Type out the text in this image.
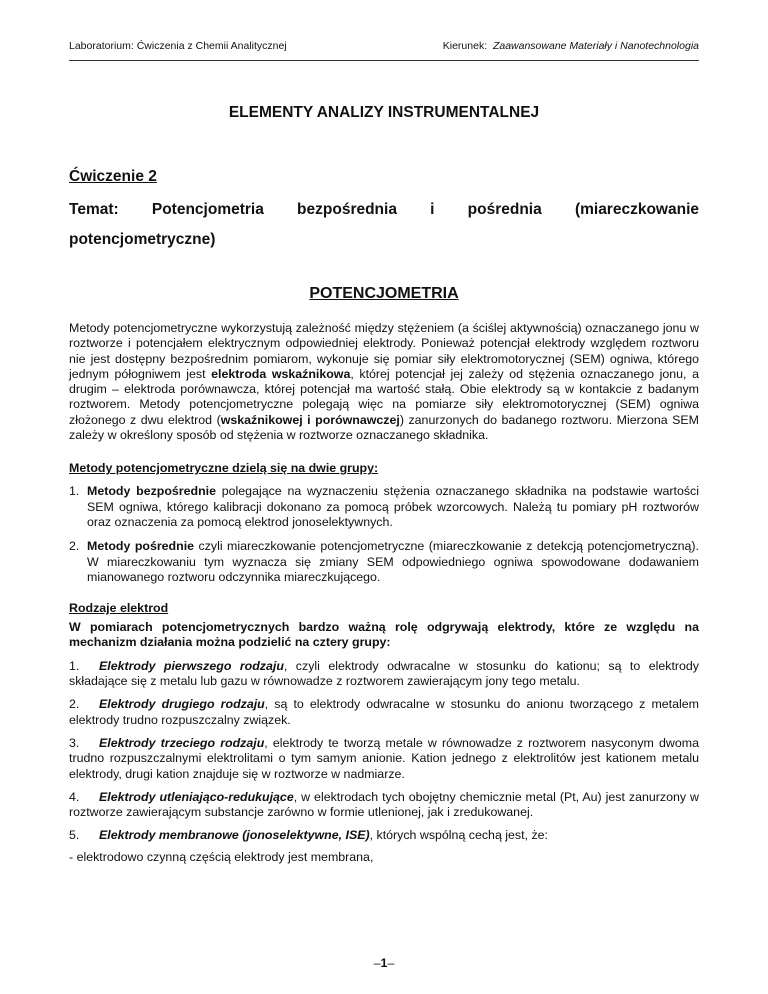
Laboratorium: Ćwiczenia z Chemii Analitycznej	Kierunek: Zaawansowane Materiały i Nanotechnologia
ELEMENTY ANALIZY INSTRUMENTALNEJ
Ćwiczenie 2
Temat: Potencjometria bezpośrednia i pośrednia (miareczkowanie potencjometryczne)
POTENCJOMETRIA

Metody potencjometryczne wykorzystują zależność między stężeniem (a ściślej aktywnością) oznaczanego jonu w roztworze i potencjałem elektrycznym odpowiedniej elektrody. Ponieważ potencjał elektrody względem roztworu nie jest dostępny bezpośrednim pomiarom, wykonuje się pomiar siły elektromotorycznej (SEM) ogniwa, którego jednym półogniwem jest elektroda wskaźnikowa, której potencjał jej zależy od stężenia oznaczanego jonu, a drugim – elektroda porównawcza, której potencjał ma wartość stałą. Obie elektrody są w kontakcie z badanym roztworem. Metody potencjometryczne polegają więc na pomiarze siły elektromotorycznej (SEM) ogniwa złożonego z dwu elektrod (wskaźnikowej i porównawczej) zanurzonych do badanego roztworu. Mierzona SEM zależy w określony sposób od stężenia w roztworze oznaczanego składnika.

Metody potencjometryczne dzielą się na dwie grupy:
1. Metody bezpośrednie polegające na wyznaczeniu stężenia oznaczanego składnika na podstawie wartości SEM ogniwa, którego kalibracji dokonano za pomocą próbek wzorcowych. Należą tu pomiary pH roztworów oraz oznaczenia za pomocą elektrod jonoselektywnych.
2. Metody pośrednie czyli miareczkowanie potencjometryczne (miareczkowanie z detekcją potencjometryczną). W miareczkowaniu tym wyznacza się zmiany SEM odpowiedniego ogniwa spowodowane dodawaniem mianowanego roztworu odczynnika miareczkującego.
Rodzaje elektrod

W pomiarach potencjometrycznych bardzo ważną rolę odgrywają elektrody, które ze względu na mechanizm działania można podzielić na cztery grupy:

1. Elektrody pierwszego rodzaju, czyli elektrody odwracalne w stosunku do kationu; są to elektrody składające się z metalu lub gazu w równowadze z roztworem zawierającym jony tego metalu.

2. Elektrody drugiego rodzaju, są to elektrody odwracalne w stosunku do anionu tworzącego z metalem elektrody trudno rozpuszczalny związek.

3. Elektrody trzeciego rodzaju, elektrody te tworzą metale w równowadze z roztworem nasyconym dwoma trudno rozpuszczalnymi elektrolitami o tym samym anionie. Kation jednego z elektrolitów jest kationem metalu elektrody, drugi kation znajduje się w roztworze w nadmiarze.

4. Elektrody utleniająco-redukujące, w elektrodach tych obojętny chemicznie metal (Pt, Au) jest zanurzony w roztworze zawierającym substancje zarówno w formie utlenionej, jak i zredukowanej.

5. Elektrody membranowe (jonoselektywne, ISE), których wspólną cechą jest, że:

- elektrodowo czynną częścią elektrody jest membrana,

–1–
